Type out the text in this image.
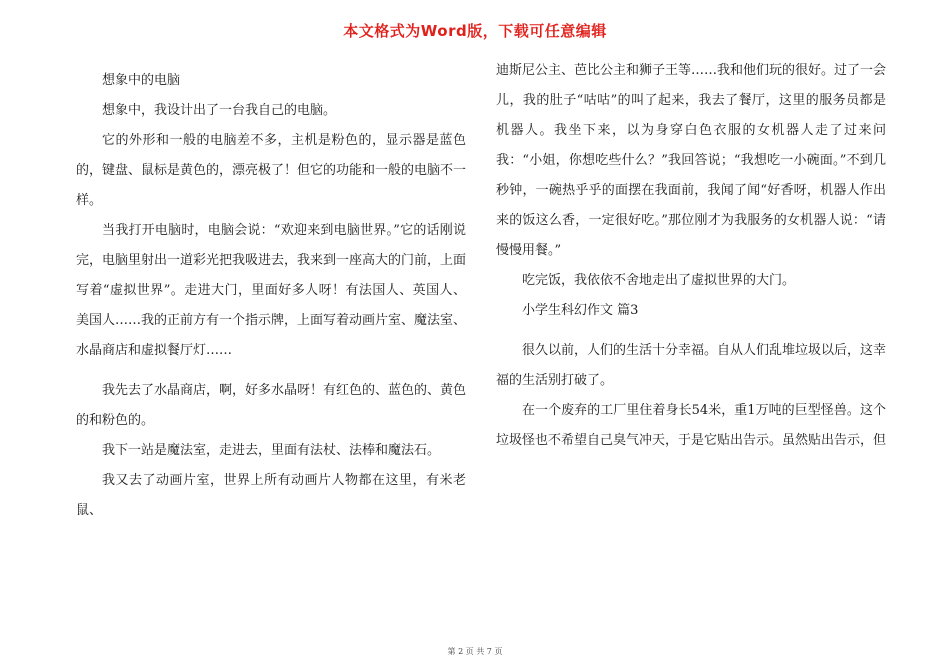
本文格式为Word版，下载可任意编辑

想象中的电脑

想象中，我设计出了一台我自己的电脑。

它的外形和一般的电脑差不多，主机是粉色的，显示器是蓝色的，键盘、鼠标是黄色的，漂亮极了！但它的功能和一般的电脑不一样。

当我打开电脑时，电脑会说：“欢迎来到电脑世界。”它的话刚说完，电脑里射出一道彩光把我吸进去，我来到一座高大的门前，上面写着“虚拟世界”。走进大门，里面好多人呀！有法国人、英国人、美国人……我的正前方有一个指示牌，上面写着动画片室、魔法室、水晶商店和虚拟餐厅灯……

我先去了水晶商店，啊，好多水晶呀！有红色的、蓝色的、黄色的和粉色的。

我下一站是魔法室，走进去，里面有法杖、法棒和魔法石。

我又去了动画片室，世界上所有动画片人物都在这里，有米老鼠、

迪斯尼公主、芭比公主和狮子王等……我和他们玩的很好。过了一会儿，我的肚子“咕咕”的叫了起来，我去了餐厅，这里的服务员都是机器人。我坐下来，以为身穿白色衣服的女机器人走了过来问我：“小姐，你想吃些什么？”我回答说；“我想吃一小碗面。”不到几秒钟，一碗热乎乎的面摆在我面前，我闻了闻“好香呀，机器人作出来的饭这么香，一定很好吃。”那位刚才为我服务的女机器人说：“请慢慢用餐。”

吃完饭，我依依不舍地走出了虚拟世界的大门。

小学生科幻作文 篇3

很久以前，人们的生活十分幸福。自从人们乱堆垃圾以后，这幸福的生活别打破了。

在一个废弃的工厂里住着身长54米，重1万吨的巨型怪兽。这个垃圾怪也不希望自己臭气冲天，于是它贴出告示。虽然贴出告示，但

第 2 页 共 7 页
